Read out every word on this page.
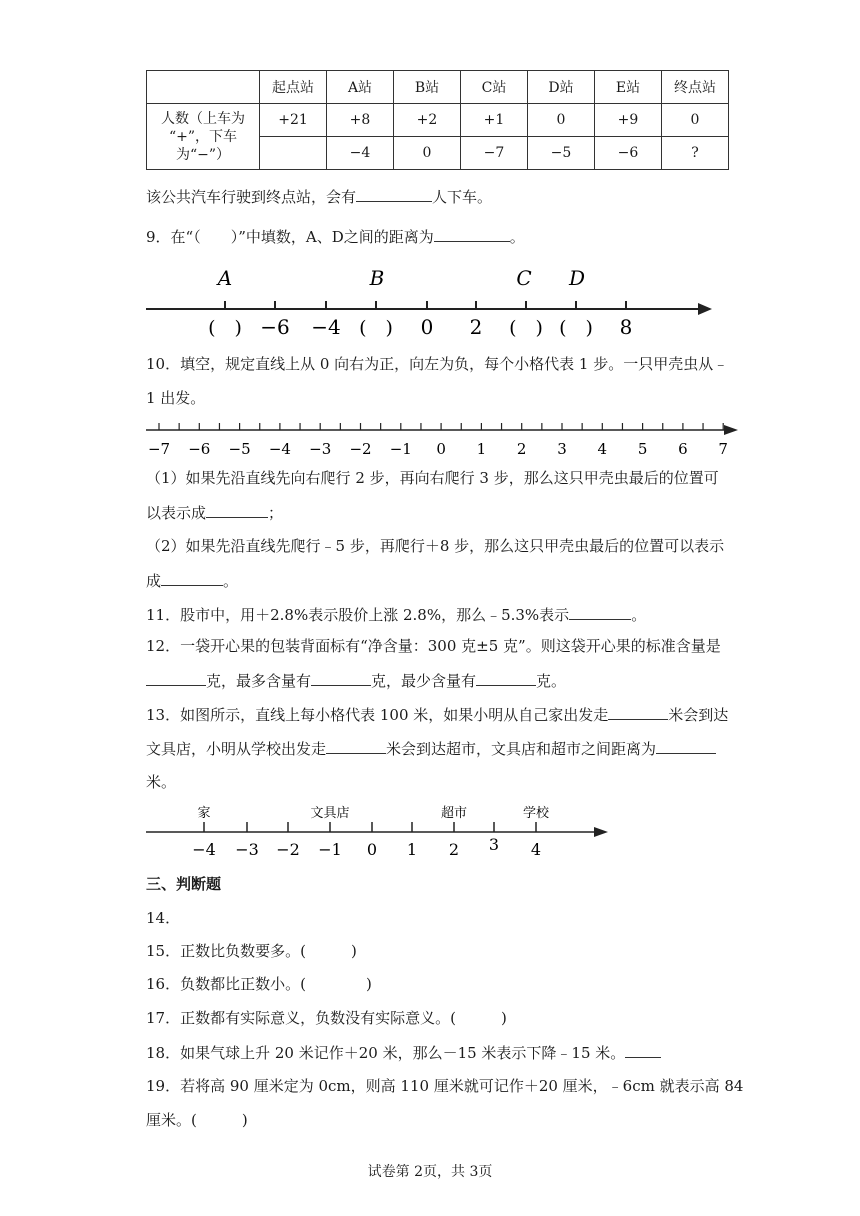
	起点站	A站	B站	C站	D站	E站	终点站

人数（上车为
“+”，下车
为“−”）	+21	+8	+2	+1	0	+9	0
		−4	0	−7	−5	−6	?
该公共汽车行驶到终点站，会有	人下车。
9．在“（　　）”中填数，A、D之间的距离为	。
A	B	C D
(　) −6 −4 (　) 0 2 (　) (　) 8
10．填空，规定直线上从 0 向右为正，向左为负，每个小格代表 1 步。一只甲壳虫从﹣
1 出发。
−7 −6 −5 −4 −3 −2 −1 0 1 2 3 4 5 6 7
（1）如果先沿直线先向右爬行 2 步，再向右爬行 3 步，那么这只甲壳虫最后的位置可
以表示成	；
（2）如果先沿直线先爬行﹣5 步，再爬行＋8 步，那么这只甲壳虫最后的位置可以表示
成	。
11．股市中，用＋2.8%表示股价上涨 2.8%，那么﹣5.3%表示	。
12．一袋开心果的包装背面标有“净含量：300 克±5 克”。则这袋开心果的标准含量是
克，最多含量有	克，最少含量有	克。
13．如图所示，直线上每小格代表 100 米，如果小明从自己家出发走	米会到达
文具店，小明从学校出发走	米会到达超市，文具店和超市之间距离为
米。
家	文具店	超市	学校
−4 −3 −2 −1 0 1 2 3 4
三、判断题
14．
15．正数比负数要多。(　　　)
16．负数都比正数小。(　　　　)
17．正数都有实际意义，负数没有实际意义。(　　　)
18．如果气球上升 20 米记作＋20 米，那么－15 米表示下降﹣15 米。
19．若将高 90 厘米定为 0cm，则高 110 厘米就可记作＋20 厘米，﹣6cm 就表示高 84
厘米。(　　　)
试卷第 2页，共 3页
